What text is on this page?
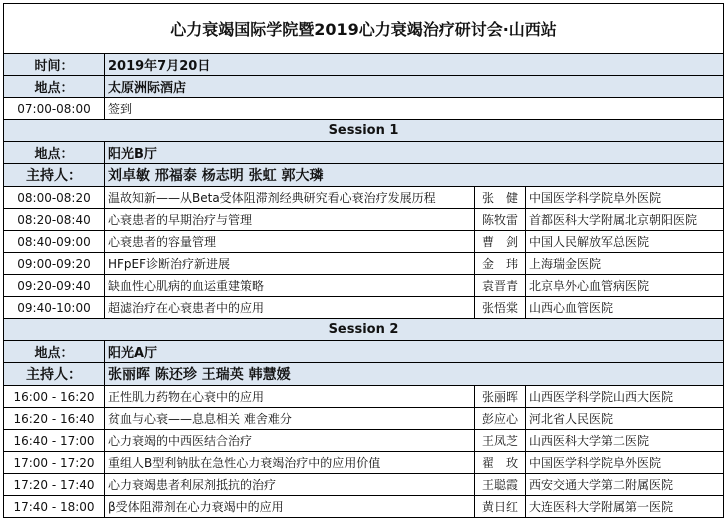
心力衰竭国际学院暨2019心力衰竭治疗研讨会·山西站			
时间：	2019年7月20日		
地点：	太原洲际酒店		
07:00-08:00	签到		
Session 1			
地点：	阳光B厅		
主持人：	刘卓敏 邢福泰 杨志明 张虹 郭大璘		
08:00-08:20	温故知新——从Beta受体阻滞剂经典研究看心衰治疗发展历程	张　健	中国医学科学院阜外医院
08:20-08:40	心衰患者的早期治疗与管理	陈牧雷	首都医科大学附属北京朝阳医院
08:40-09:00	心衰患者的容量管理	曹　剑	中国人民解放军总医院
09:00-09:20	HFpEF诊断治疗新进展	金　玮	上海瑞金医院
09:20-09:40	缺血性心肌病的血运重建策略	袁晋青	北京阜外心血管病医院
09:40-10:00	超滤治疗在心衰患者中的应用	张悟棠	山西心血管医院
Session 2			
地点：	阳光A厅		
主持人：	张丽晖 陈还珍 王瑞英 韩慧媛		
16:00 - 16:20	正性肌力药物在心衰中的应用	张丽晖	山西医学科学院山西大医院
16:20 - 16:40	贫血与心衰——息息相关 难舍难分	彭应心	河北省人民医院
16:40 - 17:00	心力衰竭的中西医结合治疗	王凤芝	山西医科大学第二医院
17:00 - 17:20	重组人B型利钠肽在急性心力衰竭治疗中的应用价值	翟　玫	中国医学科学院阜外医院
17:20 - 17:40	心力衰竭患者利尿剂抵抗的治疗	王聪霞	西安交通大学第二附属医院
17:40 - 18:00	β受体阻滞剂在心力衰竭中的应用	黄日红	大连医科大学附属第一医院
